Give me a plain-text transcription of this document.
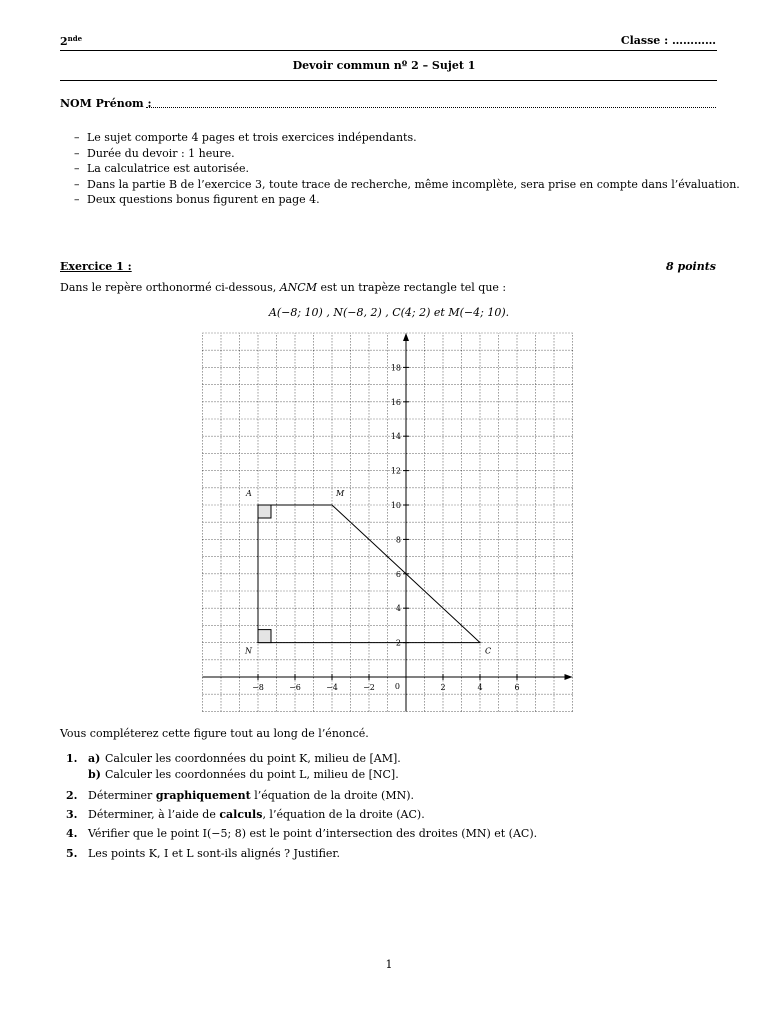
2nde	Classe : …………
Devoir commun nº 2 – Sujet 1
NOM Prénom :
– Le sujet comporte 4 pages et trois exercices indépendants.
– Durée du devoir : 1 heure.
– La calculatrice est autorisée.
– Dans la partie B de l’exercice 3, toute trace de recherche, même incomplète, sera prise en compte dans l’évaluation.
– Deux questions bonus figurent en page 4.
Exercice 1 :	8 points
Dans le repère orthonormé ci-dessous, ANCM est un trapèze rectangle tel que :
A(−8; 10) , N(−8, 2) , C(4; 2) et M(−4; 10).
−8	−6	−4	−2	2	4	6
2
4
6
8
10
12
14
16
18
0
A	M
C
N
Vous compléterez cette figure tout au long de l’énoncé.
1. a) Calculer les coordonnées du point K, milieu de [AM].
b) Calculer les coordonnées du point L, milieu de [NC].
2. Déterminer graphiquement l’équation de la droite (MN).
3. Déterminer, à l’aide de calculs, l’équation de la droite (AC).
4. Vérifier que le point I(−5; 8) est le point d’intersection des droites (MN) et (AC).
5. Les points K, I et L sont-ils alignés ? Justifier.
1
